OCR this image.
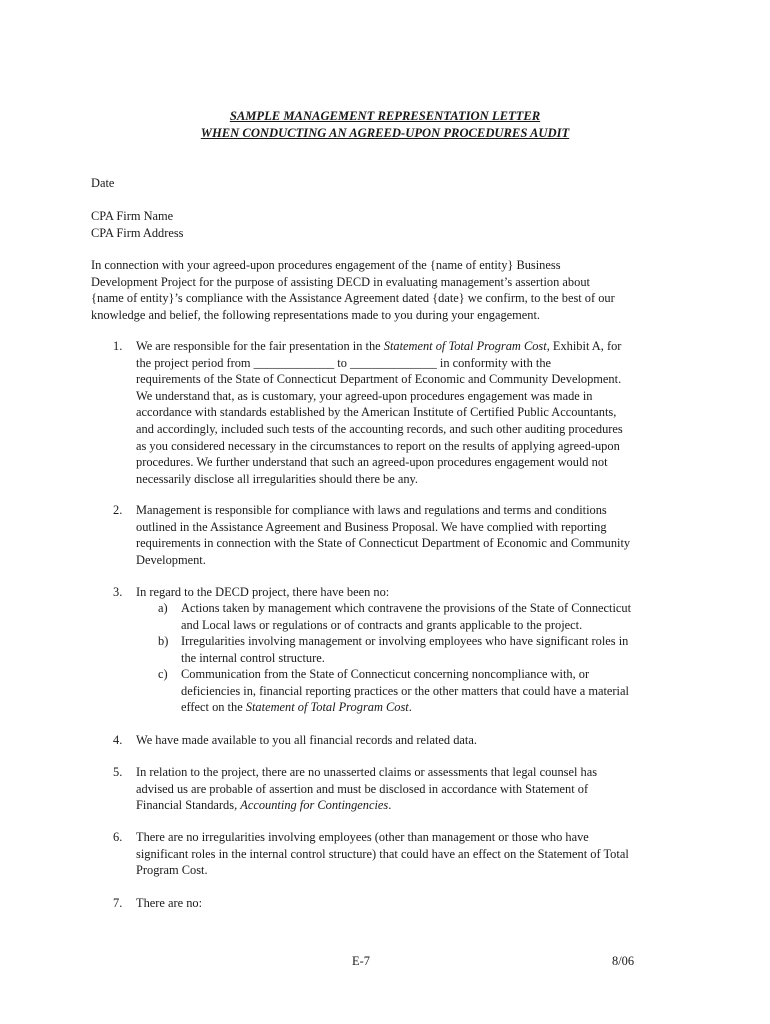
SAMPLE MANAGEMENT REPRESENTATION LETTER
WHEN CONDUCTING AN AGREED-UPON PROCEDURES AUDIT
Date
CPA Firm Name
CPA Firm Address
In connection with your agreed-upon procedures engagement of the {name of entity} Business
Development Project for the purpose of assisting DECD in evaluating management’s assertion about
{name of entity}’s compliance with the Assistance Agreement dated {date} we confirm, to the best of our
knowledge and belief, the following representations made to you during your engagement.
1. We are responsible for the fair presentation in the Statement of Total Program Cost, Exhibit A, for
the project period from _____________ to ______________ in conformity with the
requirements of the State of Connecticut Department of Economic and Community Development.
We understand that, as is customary, your agreed-upon procedures engagement was made in
accordance with standards established by the American Institute of Certified Public Accountants,
and accordingly, included such tests of the accounting records, and such other auditing procedures
as you considered necessary in the circumstances to report on the results of applying agreed-upon
procedures. We further understand that such an agreed-upon procedures engagement would not
necessarily disclose all irregularities should there be any.
2. Management is responsible for compliance with laws and regulations and terms and conditions
outlined in the Assistance Agreement and Business Proposal. We have complied with reporting
requirements in connection with the State of Connecticut Department of Economic and Community
Development.
3. In regard to the DECD project, there have been no:
a) Actions taken by management which contravene the provisions of the State of Connecticut
and Local laws or regulations or of contracts and grants applicable to the project.
b) Irregularities involving management or involving employees who have significant roles in
the internal control structure.
c) Communication from the State of Connecticut concerning noncompliance with, or
deficiencies in, financial reporting practices or the other matters that could have a material
effect on the Statement of Total Program Cost.
4. We have made available to you all financial records and related data.
5. In relation to the project, there are no unasserted claims or assessments that legal counsel has
advised us are probable of assertion and must be disclosed in accordance with Statement of
Financial Standards, Accounting for Contingencies.
6. There are no irregularities involving employees (other than management or those who have
significant roles in the internal control structure) that could have an effect on the Statement of Total
Program Cost.
7. There are no:
E-7	8/06
